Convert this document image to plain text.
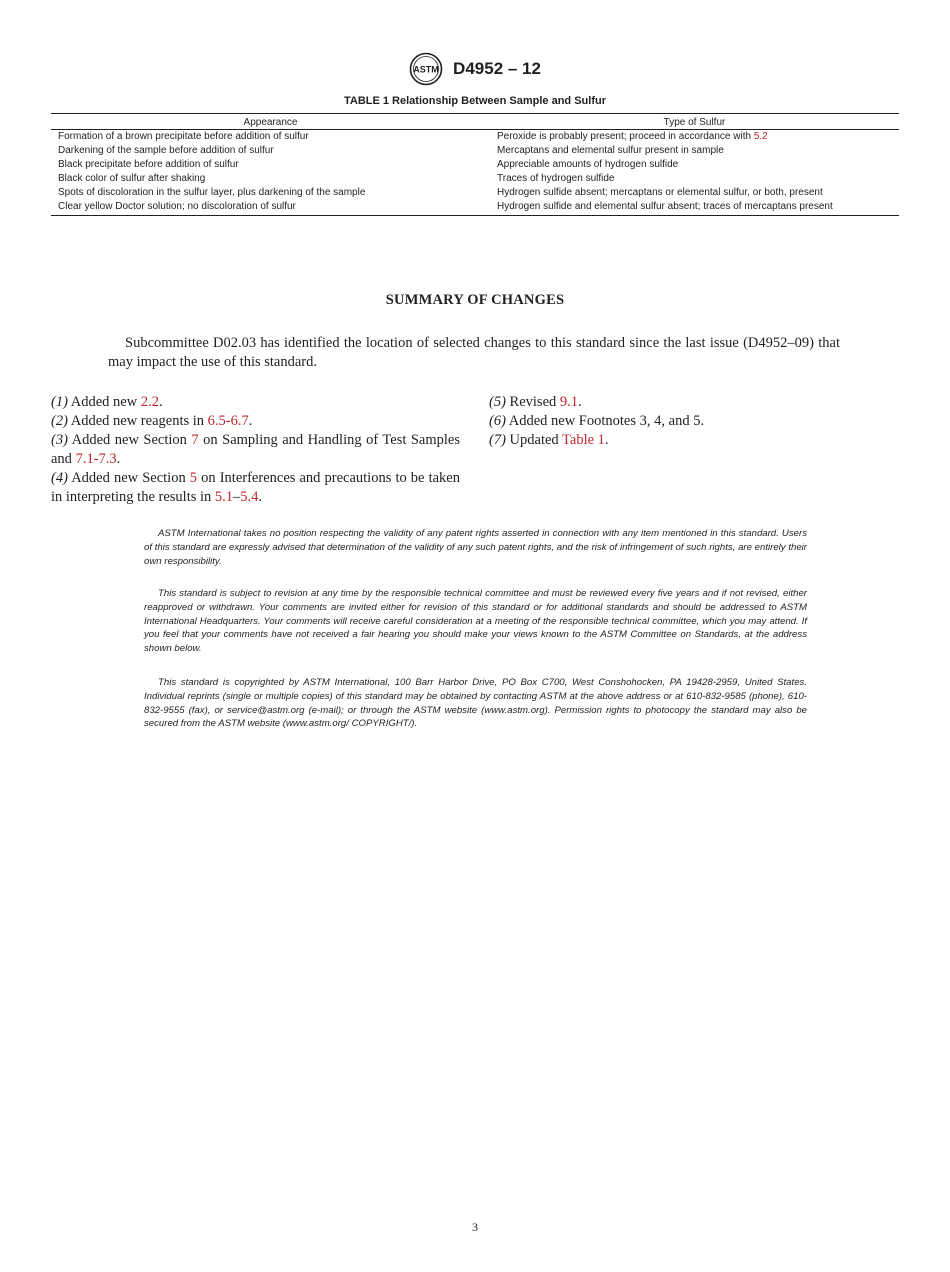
ASTM D4952 – 12
TABLE 1 Relationship Between Sample and Sulfur
Appearance	Type of Sulfur
Formation of a brown precipitate before addition of sulfur	Peroxide is probably present; proceed in accordance with 5.2
Darkening of the sample before addition of sulfur	Mercaptans and elemental sulfur present in sample
Black precipitate before addition of sulfur	Appreciable amounts of hydrogen sulfide
Black color of sulfur after shaking	Traces of hydrogen sulfide
Spots of discoloration in the sulfur layer, plus darkening of the sample	Hydrogen sulfide absent; mercaptans or elemental sulfur, or both, present
Clear yellow Doctor solution; no discoloration of sulfur	Hydrogen sulfide and elemental sulfur absent; traces of mercaptans present
SUMMARY OF CHANGES
Subcommittee D02.03 has identified the location of selected changes to this standard since the last issue (D4952–09) that may impact the use of this standard.

(1) Added new 2.2.

(2) Added new reagents in 6.5-6.7.

(3) Added new Section 7 on Sampling and Handling of Test Samples and 7.1-7.3.

(4) Added new Section 5 on Interferences and precautions to be taken in interpreting the results in 5.1–5.4.

(5) Revised 9.1.

(6) Added new Footnotes 3, 4, and 5.

(7) Updated Table 1.

ASTM International takes no position respecting the validity of any patent rights asserted in connection with any item mentioned in this standard. Users of this standard are expressly advised that determination of the validity of any such patent rights, and the risk of infringement of such rights, are entirely their own responsibility.
This standard is subject to revision at any time by the responsible technical committee and must be reviewed every five years and if not revised, either reapproved or withdrawn. Your comments are invited either for revision of this standard or for additional standards and should be addressed to ASTM International Headquarters. Your comments will receive careful consideration at a meeting of the responsible technical committee, which you may attend. If you feel that your comments have not received a fair hearing you should make your views known to the ASTM Committee on Standards, at the address shown below.
This standard is copyrighted by ASTM International, 100 Barr Harbor Drive, PO Box C700, West Conshohocken, PA 19428-2959, United States. Individual reprints (single or multiple copies) of this standard may be obtained by contacting ASTM at the above address or at 610-832-9585 (phone), 610-832-9555 (fax), or service@astm.org (e-mail); or through the ASTM website (www.astm.org). Permission rights to photocopy the standard may also be secured from the ASTM website (www.astm.org/ COPYRIGHT/).
3
